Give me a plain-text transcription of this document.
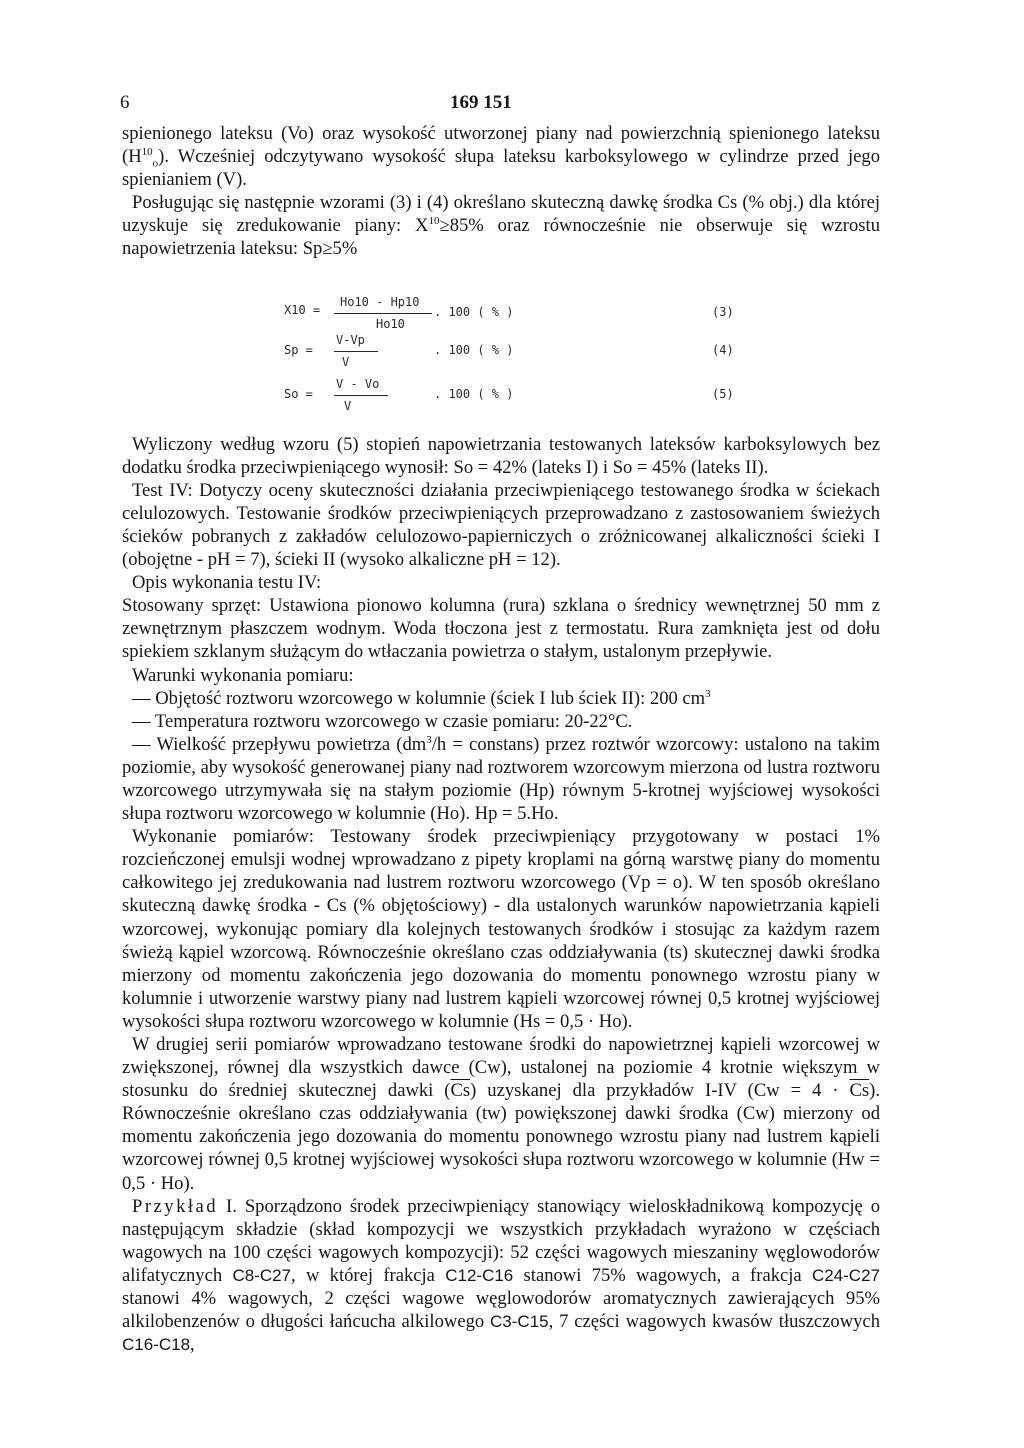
6	169 151

spienionego lateksu (Vo) oraz wysokość utworzonej piany nad powierzchnią spienionego lateksu $(H^{10}_o)$. Wcześniej odczytywano wysokość słupa lateksu karboksylowego w cylindrze przed jego spienianiem (V).

Posługując się następnie wzorami (3) i (4) określano skuteczną dawkę środka Cs (% obj.) dla której uzyskuje się zredukowanie piany: $X^{10}\ge 85\%$ oraz równocześnie nie obserwuje się wzrostu napowietrzenia lateksu: Sp≥5%

X10 =
Ho10 - Hp10
Ho10
. 100 ( % )	(3)
Sp =
V-Vp
V
. 100 ( % )	(4)
So =
V - Vo
V
. 100 ( % )	(5)

Wyliczony według wzoru (5) stopień napowietrzania testowanych lateksów karboksylowych bez dodatku środka przeciwpieniącego wynosił: So = 42% (lateks I) i So = 45% (lateks II).

Test IV: Dotyczy oceny skuteczności działania przeciwpieniącego testowanego środka w ściekach celulozowych. Testowanie środków przeciwpieniących przeprowadzano z zastosowaniem świeżych ścieków pobranych z zakładów celulozowo-papierniczych o zróżnicowanej alkaliczności ścieki I (obojętne - pH = 7), ścieki II (wysoko alkaliczne pH = 12).

Opis wykonania testu IV:

Stosowany sprzęt: Ustawiona pionowo kolumna (rura) szklana o średnicy wewnętrznej 50 mm z zewnętrznym płaszczem wodnym. Woda tłoczona jest z termostatu. Rura zamknięta jest od dołu spiekiem szklanym służącym do wtłaczania powietrza o stałym, ustalonym przepływie.

Warunki wykonania pomiaru:

— Objętość roztworu wzorcowego w kolumnie (ściek I lub ściek II): 200 $cm^3$

— Temperatura roztworu wzorcowego w czasie pomiaru: 20-22°C.

— Wielkość przepływu powietrza ($dm^3/h$ = constans) przez roztwór wzorcowy: ustalono na takim poziomie, aby wysokość generowanej piany nad roztworem wzorcowym mierzona od lustra roztworu wzorcowego utrzymywała się na stałym poziomie (Hp) równym 5-krotnej wyjściowej wysokości słupa roztworu wzorcowego w kolumnie (Ho). Hp = 5.Ho.

Wykonanie pomiarów: Testowany środek przeciwpieniący przygotowany w postaci 1% rozcieńczonej emulsji wodnej wprowadzano z pipety kroplami na górną warstwę piany do momentu całkowitego jej zredukowania nad lustrem roztworu wzorcowego (Vp = o). W ten sposób określano skuteczną dawkę środka - Cs (% objętościowy) - dla ustalonych warunków napowietrzania kąpieli wzorcowej, wykonując pomiary dla kolejnych testowanych środków i stosując za każdym razem świeżą kąpiel wzorcową. Równocześnie określano czas oddziaływania (ts) skutecznej dawki środka mierzony od momentu zakończenia jego dozowania do momentu ponownego wzrostu piany w kolumnie i utworzenie warstwy piany nad lustrem kąpieli wzorcowej równej 0,5 krotnej wyjściowej wysokości słupa roztworu wzorcowego w kolumnie (Hs = 0,5 · Ho).

W drugiej serii pomiarów wprowadzano testowane środki do napowietrznej kąpieli wzorcowej w zwiększonej, równej dla wszystkich dawce (Cw), ustalonej na poziomie 4 krotnie większym w stosunku do średniej skutecznej dawki $(\overline{Cs})$ uzyskanej dla przykładów I-IV $(Cw = 4 \cdot \overline{Cs})$. Równocześnie określano czas oddziaływania (tw) powiększonej dawki środka (Cw) mierzony od momentu zakończenia jego dozowania do momentu ponownego wzrostu piany nad lustrem kąpieli wzorcowej równej 0,5 krotnej wyjściowej wysokości słupa roztworu wzorcowego w kolumnie (Hw = 0,5 · Ho).

Przykład I. Sporządzono środek przeciwpieniący stanowiący wieloskładnikową kompozycję o następującym składzie (skład kompozycji we wszystkich przykładach wyrażono w częściach wagowych na 100 części wagowych kompozycji): 52 części wagowych mieszaniny węglowodorów alifatycznych C8-C27, w której frakcja C12-C16 stanowi 75% wagowych, a frakcja C24-C27 stanowi 4% wagowych, 2 części wagowe węglowodorów aromatycznych zawierających 95% alkilobenzenów o długości łańcucha alkilowego C3-C15, 7 części wagowych kwasów tłuszczowych C16-C18,
